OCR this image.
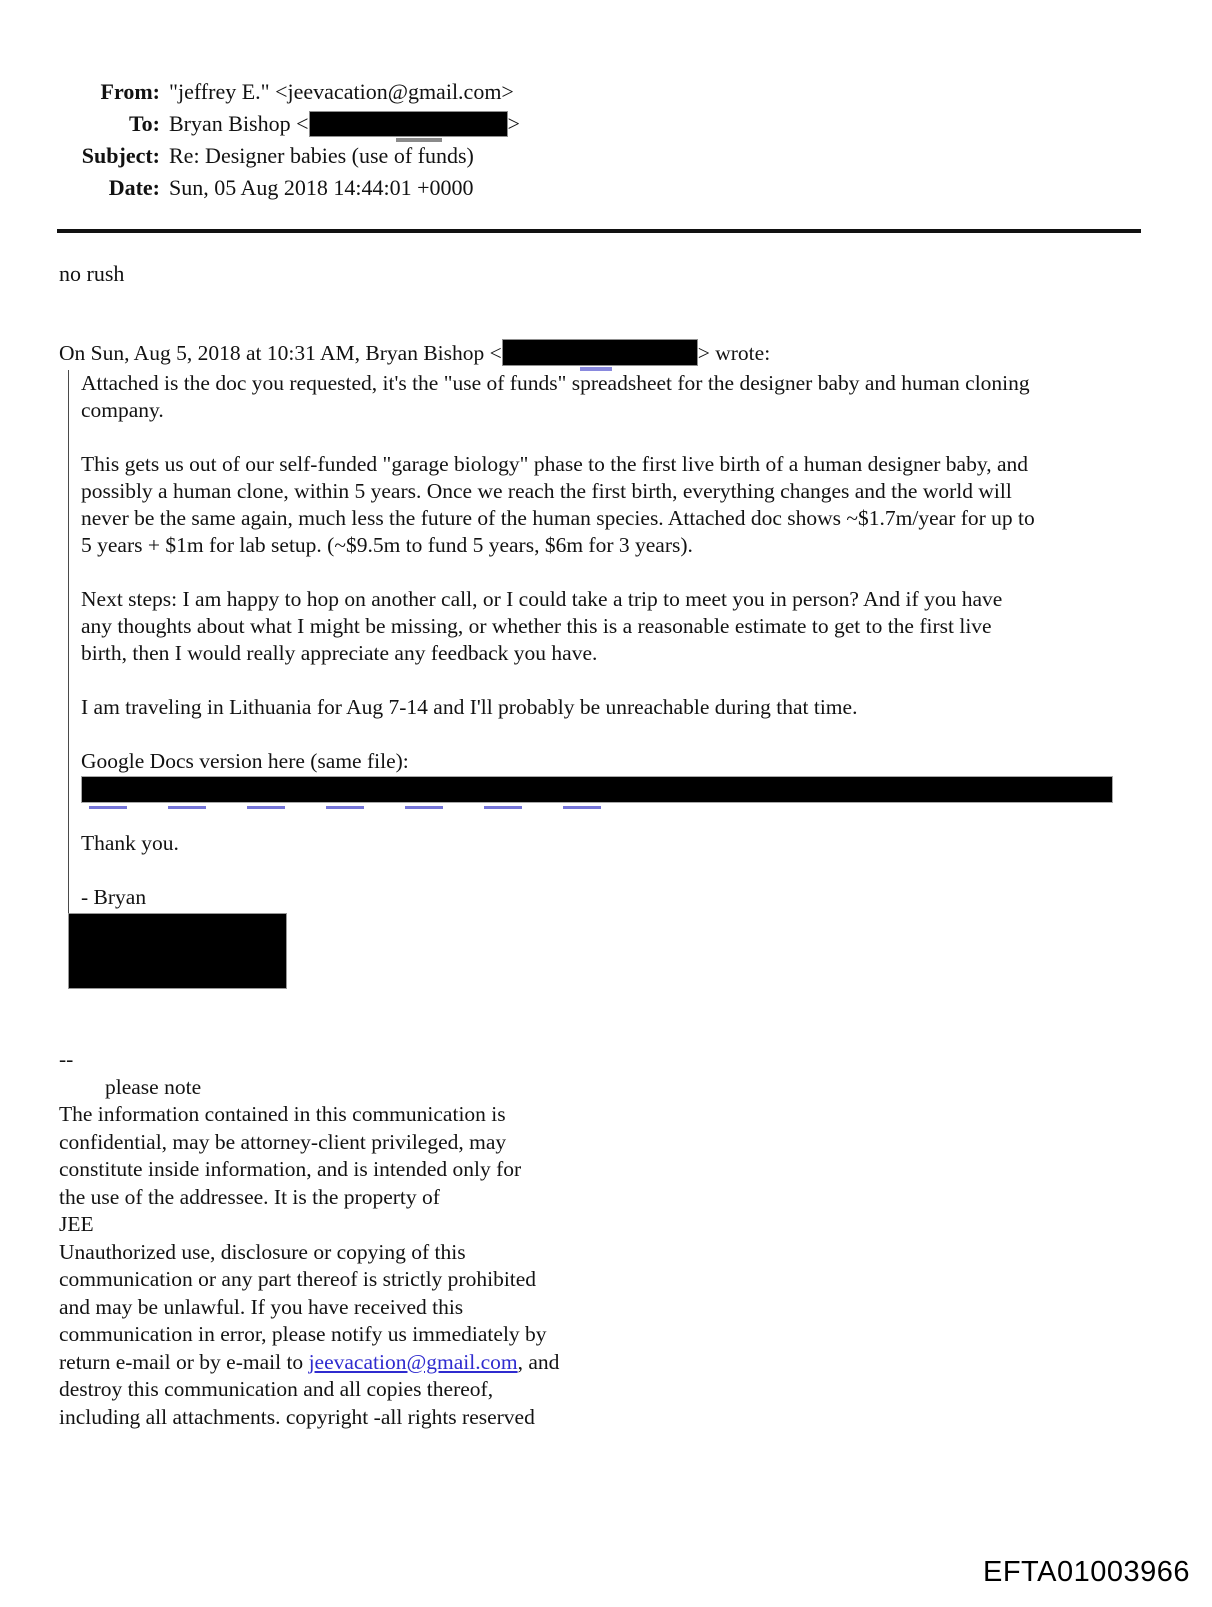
From: "jeffrey E." <jeevacation@gmail.com>
To: Bryan Bishop <	>
Subject: Re: Designer babies (use of funds)
Date: Sun, 05 Aug 2018 14:44:01 +0000
no rush
On Sun, Aug 5, 2018 at 10:31 AM, Bryan Bishop <	> wrote:

Attached is the doc you requested, it's the "use of funds" spreadsheet for the designer baby and human cloning
company.

This gets us out of our self-funded "garage biology" phase to the first live birth of a human designer baby, and
possibly a human clone, within 5 years. Once we reach the first birth, everything changes and the world will
never be the same again, much less the future of the human species. Attached doc shows ~$1.7m/year for up to
5 years + $1m for lab setup. (~$9.5m to fund 5 years, $6m for 3 years).

Next steps: I am happy to hop on another call, or I could take a trip to meet you in person? And if you have
any thoughts about what I might be missing, or whether this is a reasonable estimate to get to the first live
birth, then I would really appreciate any feedback you have.

I am traveling in Lithuania for Aug 7-14 and I'll probably be unreachable during that time.

Google Docs version here (same file):

Thank you.

- Bryan

--
please note
The information contained in this communication is
confidential, may be attorney-client privileged, may
constitute inside information, and is intended only for
the use of the addressee. It is the property of
JEE
Unauthorized use, disclosure or copying of this
communication or any part thereof is strictly prohibited
and may be unlawful. If you have received this
communication in error, please notify us immediately by
return e-mail or by e-mail to jeevacation@gmail.com, and
destroy this communication and all copies thereof,
including all attachments. copyright -all rights reserved
EFTA01003966
